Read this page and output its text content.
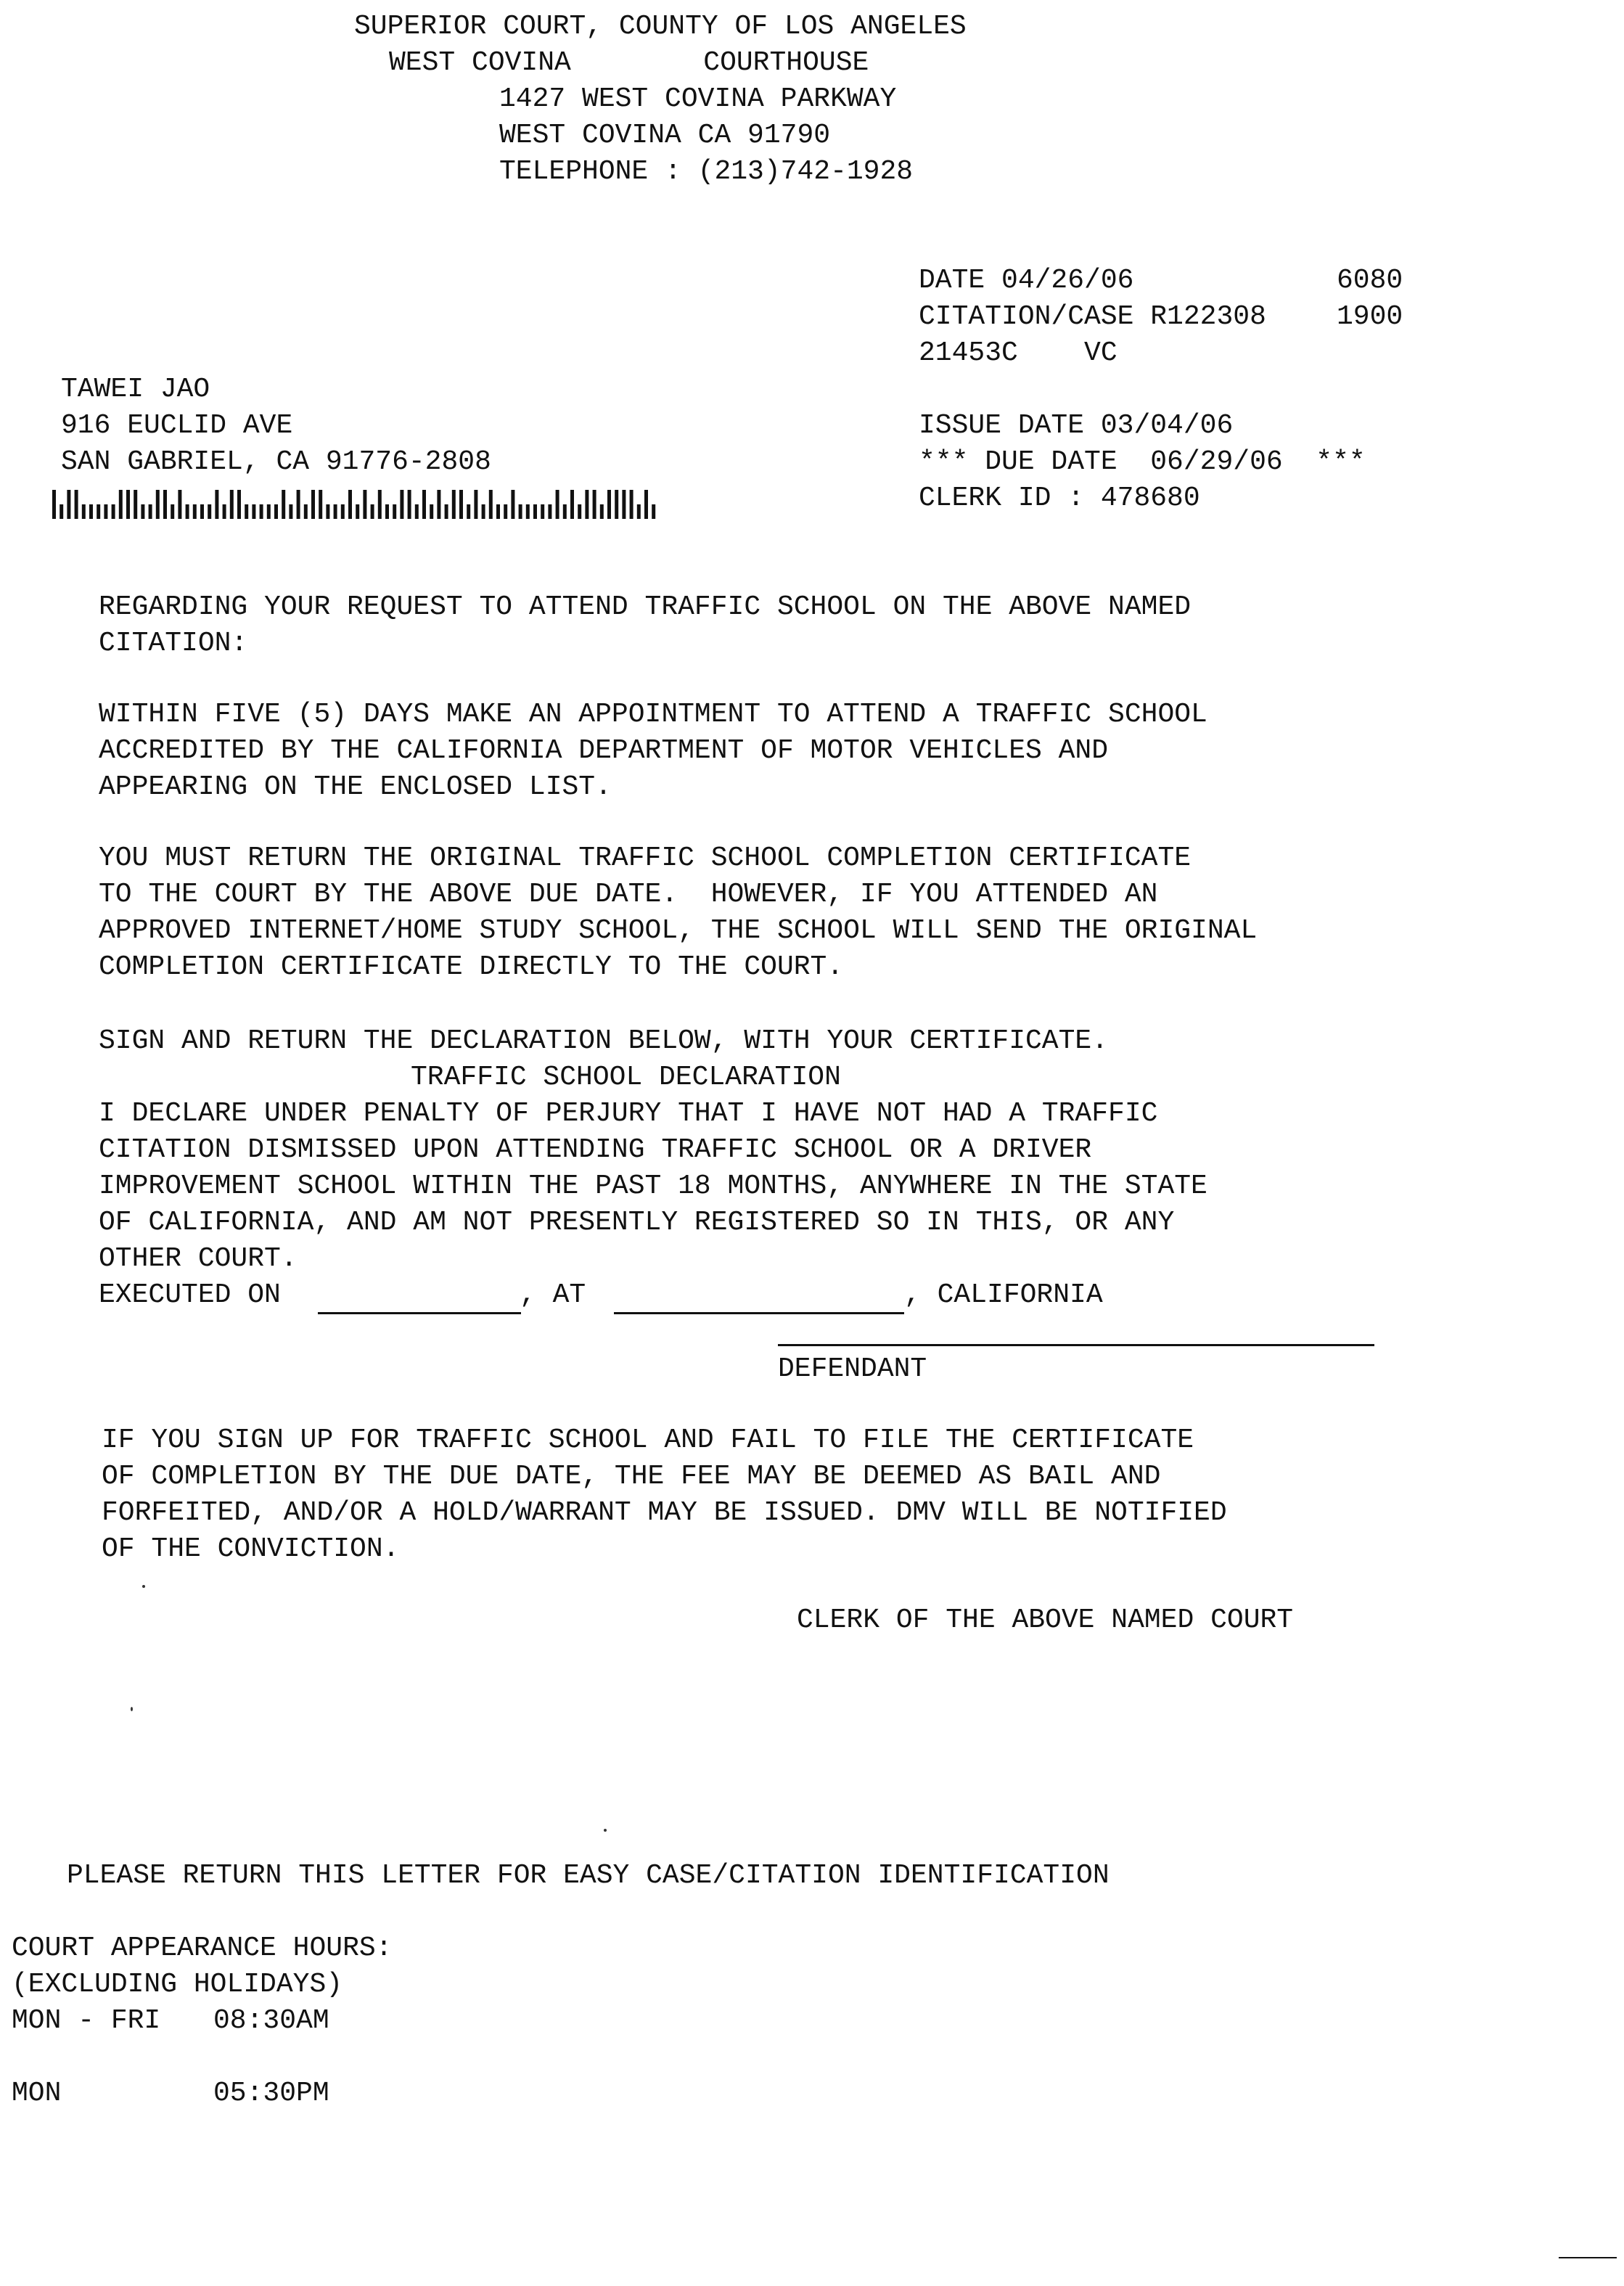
SUPERIOR COURT, COUNTY OF LOS ANGELES
WEST COVINA        COURTHOUSE
1427 WEST COVINA PARKWAY
WEST COVINA CA 91790
TELEPHONE : (213)742-1928
DATE 04/26/06	6080
CITATION/CASE R122308	1900
21453C    VC
ISSUE DATE 03/04/06
*** DUE DATE  06/29/06  ***
CLERK ID : 478680
TAWEI JAO
916 EUCLID AVE
SAN GABRIEL, CA 91776-2808
REGARDING YOUR REQUEST TO ATTEND TRAFFIC SCHOOL ON THE ABOVE NAMED
CITATION:
WITHIN FIVE (5) DAYS MAKE AN APPOINTMENT TO ATTEND A TRAFFIC SCHOOL
ACCREDITED BY THE CALIFORNIA DEPARTMENT OF MOTOR VEHICLES AND
APPEARING ON THE ENCLOSED LIST.
YOU MUST RETURN THE ORIGINAL TRAFFIC SCHOOL COMPLETION CERTIFICATE
TO THE COURT BY THE ABOVE DUE DATE.  HOWEVER, IF YOU ATTENDED AN
APPROVED INTERNET/HOME STUDY SCHOOL, THE SCHOOL WILL SEND THE ORIGINAL
COMPLETION CERTIFICATE DIRECTLY TO THE COURT.
SIGN AND RETURN THE DECLARATION BELOW, WITH YOUR CERTIFICATE.
TRAFFIC SCHOOL DECLARATION
I DECLARE UNDER PENALTY OF PERJURY THAT I HAVE NOT HAD A TRAFFIC
CITATION DISMISSED UPON ATTENDING TRAFFIC SCHOOL OR A DRIVER
IMPROVEMENT SCHOOL WITHIN THE PAST 18 MONTHS, ANYWHERE IN THE STATE
OF CALIFORNIA, AND AM NOT PRESENTLY REGISTERED SO IN THIS, OR ANY
OTHER COURT.
EXECUTED ON	, AT	, CALIFORNIA
DEFENDANT
IF YOU SIGN UP FOR TRAFFIC SCHOOL AND FAIL TO FILE THE CERTIFICATE
OF COMPLETION BY THE DUE DATE, THE FEE MAY BE DEEMED AS BAIL AND
FORFEITED, AND/OR A HOLD/WARRANT MAY BE ISSUED. DMV WILL BE NOTIFIED
OF THE CONVICTION.
CLERK OF THE ABOVE NAMED COURT
PLEASE RETURN THIS LETTER FOR EASY CASE/CITATION IDENTIFICATION
COURT APPEARANCE HOURS:
(EXCLUDING HOLIDAYS)
MON - FRI 08:30AM
MON	05:30PM
